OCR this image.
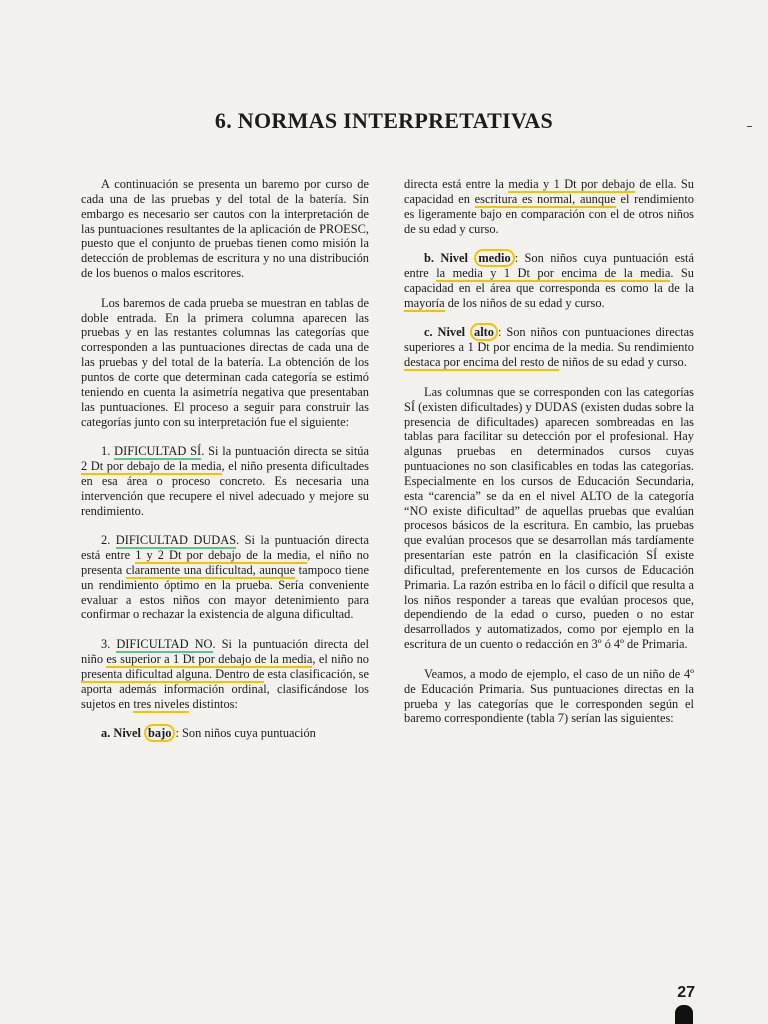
6. NORMAS INTERPRETATIVAS

A continuación se presenta un baremo por curso de cada una de las pruebas y del total de la batería. Sin embargo es necesario ser cautos con la interpretación de las puntuaciones resultantes de la aplicación de PROESC, puesto que el conjunto de pruebas tienen como misión la detección de problemas de escritura y no una distribución de los buenos o malos escritores.

Los baremos de cada prueba se muestran en tablas de doble entrada. En la primera columna aparecen las pruebas y en las restantes columnas las categorías que corresponden a las puntuaciones directas de cada una de las pruebas y del total de la batería. La obtención de los puntos de corte que determinan cada categoría se estimó teniendo en cuenta la asimetría negativa que presentaban las puntuaciones. El proceso a seguir para construir las categorías junto con su interpretación fue el siguiente:

1. DIFICULTAD SÍ. Si la puntuación directa se sitúa 2 Dt por debajo de la media, el niño presenta dificultades en esa área o proceso concreto. Es necesaria una intervención que recupere el nivel adecuado y mejore su rendimiento.

2. DIFICULTAD DUDAS. Si la puntuación directa está entre 1 y 2 Dt por debajo de la media, el niño no presenta claramente una dificultad, aunque tampoco tiene un rendimiento óptimo en la prueba. Sería conveniente evaluar a estos niños con mayor detenimiento para confirmar o rechazar la existencia de alguna dificultad.

3. DIFICULTAD NO. Si la puntuación directa del niño es superior a 1 Dt por debajo de la media, el niño no presenta dificultad alguna. Dentro de esta clasificación, se aporta además información ordinal, clasificándose los sujetos en tres niveles distintos:

a. Nivel bajo : Son niños cuya puntuación

directa está entre la media y 1 Dt por debajo de ella. Su capacidad en escritura es normal, aunque el rendimiento es ligeramente bajo en comparación con el de otros niños de su edad y curso.

b. Nivel medio : Son niños cuya puntuación está entre la media y 1 Dt por encima de la media. Su capacidad en el área que corresponda es como la de la mayoría de los niños de su edad y curso.

c. Nivel alto : Son niños con puntuaciones directas superiores a 1 Dt por encima de la media. Su rendimiento destaca por encima del resto de niños de su edad y curso.

Las columnas que se corresponden con las categorías SÍ (existen dificultades) y DUDAS (existen dudas sobre la presencia de dificultades) aparecen sombreadas en las tablas para facilitar su detección por el profesional. Hay algunas pruebas en determinados cursos cuyas puntuaciones no son clasificables en todas las categorías. Especialmente en los cursos de Educación Secundaria, esta “carencia” se da en el nivel ALTO de la categoría “NO existe dificultad” de aquellas pruebas que evalúan procesos básicos de la escritura. En cambio, las pruebas que evalúan procesos que se desarrollan más tardíamente presentarían este patrón en la clasificación SÍ existe dificultad, preferentemente en los cursos de Educación Primaria. La razón estriba en lo fácil o difícil que resulta a los niños responder a tareas que evalúan procesos que, dependiendo de la edad o curso, pueden o no estar desarrollados y automatizados, como por ejemplo en la escritura de un cuento o redacción en 3º ó 4º de Primaria.

Veamos, a modo de ejemplo, el caso de un niño de 4º de Educación Primaria. Sus puntuaciones directas en la prueba y las categorías que le corresponden según el baremo correspondiente (tabla 7) serían las siguientes:

27
